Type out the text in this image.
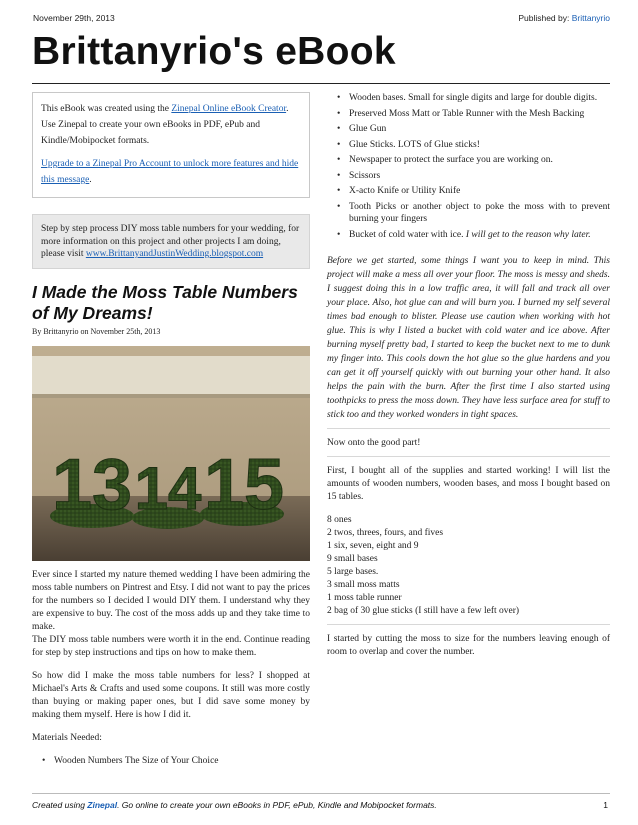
November 29th, 2013	Published by: Brittanyrio
Brittanyrio's eBook

This eBook was created using the Zinepal Online eBook Creator. Use Zinepal to create your own eBooks in PDF, ePub and Kindle/Mobipocket formats.

Upgrade to a Zinepal Pro Account to unlock more features and hide this message.

Step by step process DIY moss table numbers for your wedding, for more information on this project and other projects I am doing, please visit www.BrittanyandJustinWedding.blogspot.com
I Made the Moss Table Numbers of My Dreams!
By Brittanyrio on November 25th, 2013
13 14 15

Ever since I started my nature themed wedding I have been admiring the moss table numbers on Pintrest and Etsy. I did not want to pay the prices for the numbers so I decided I would DIY them. I understand why they are expensive to buy. The cost of the moss adds up and they take time to make.
The DIY moss table numbers were worth it in the end. Continue reading for step by step instructions and tips on how to make them.

So how did I make the moss table numbers for less? I shopped at Michael's Arts & Crafts and used some coupons. It still was more costly than buying or making paper ones, but I did save some money by making them myself. Here is how I did it.

Materials Needed:

• Wooden Numbers The Size of Your Choice
• Wooden bases. Small for single digits and large for double digits.
• Preserved Moss Matt or Table Runner with the Mesh Backing
• Glue Gun
• Glue Sticks. LOTS of Glue sticks!
• Newspaper to protect the surface you are working on.
• Scissors
• X-acto Knife or Utility Knife
• Tooth Picks or another object to poke the moss with to prevent burning your fingers
• Bucket of cold water with ice. I will get to the reason why later.
Before we get started, some things I want you to keep in mind. This project will make a mess all over your floor. The moss is messy and sheds. I suggest doing this in a low traffic area, it will fall and track all over your place. Also, hot glue can and will burn you. I burned my self several times bad enough to blister. Please use caution when working with hot glue. This is why I listed a bucket with cold water and ice above. After burning myself pretty bad, I started to keep the bucket next to me to dunk my finger into. This cools down the hot glue so the glue hardens and you can get it off yourself quickly with out burning your other hand. It also helps the pain with the burn. After the first time I also started using toothpicks to press the moss down. They have less surface area for stuff to stick too and they worked wonders in tight spaces.

Now onto the good part!

First, I bought all of the supplies and started working! I will list the amounts of wooden numbers, wooden bases, and moss I bought based on 15 tables.

8 ones

2 twos, threes, fours, and fives

1 six, seven, eight and 9

9 small bases

5 large bases.

3 small moss matts

1 moss table runner

2 bag of 30 glue sticks (I still have a few left over)

I started by cutting the moss to size for the numbers leaving enough of room to overlap and cover the number.

Created using Zinepal. Go online to create your own eBooks in PDF, ePub, Kindle and Mobipocket formats.	1
